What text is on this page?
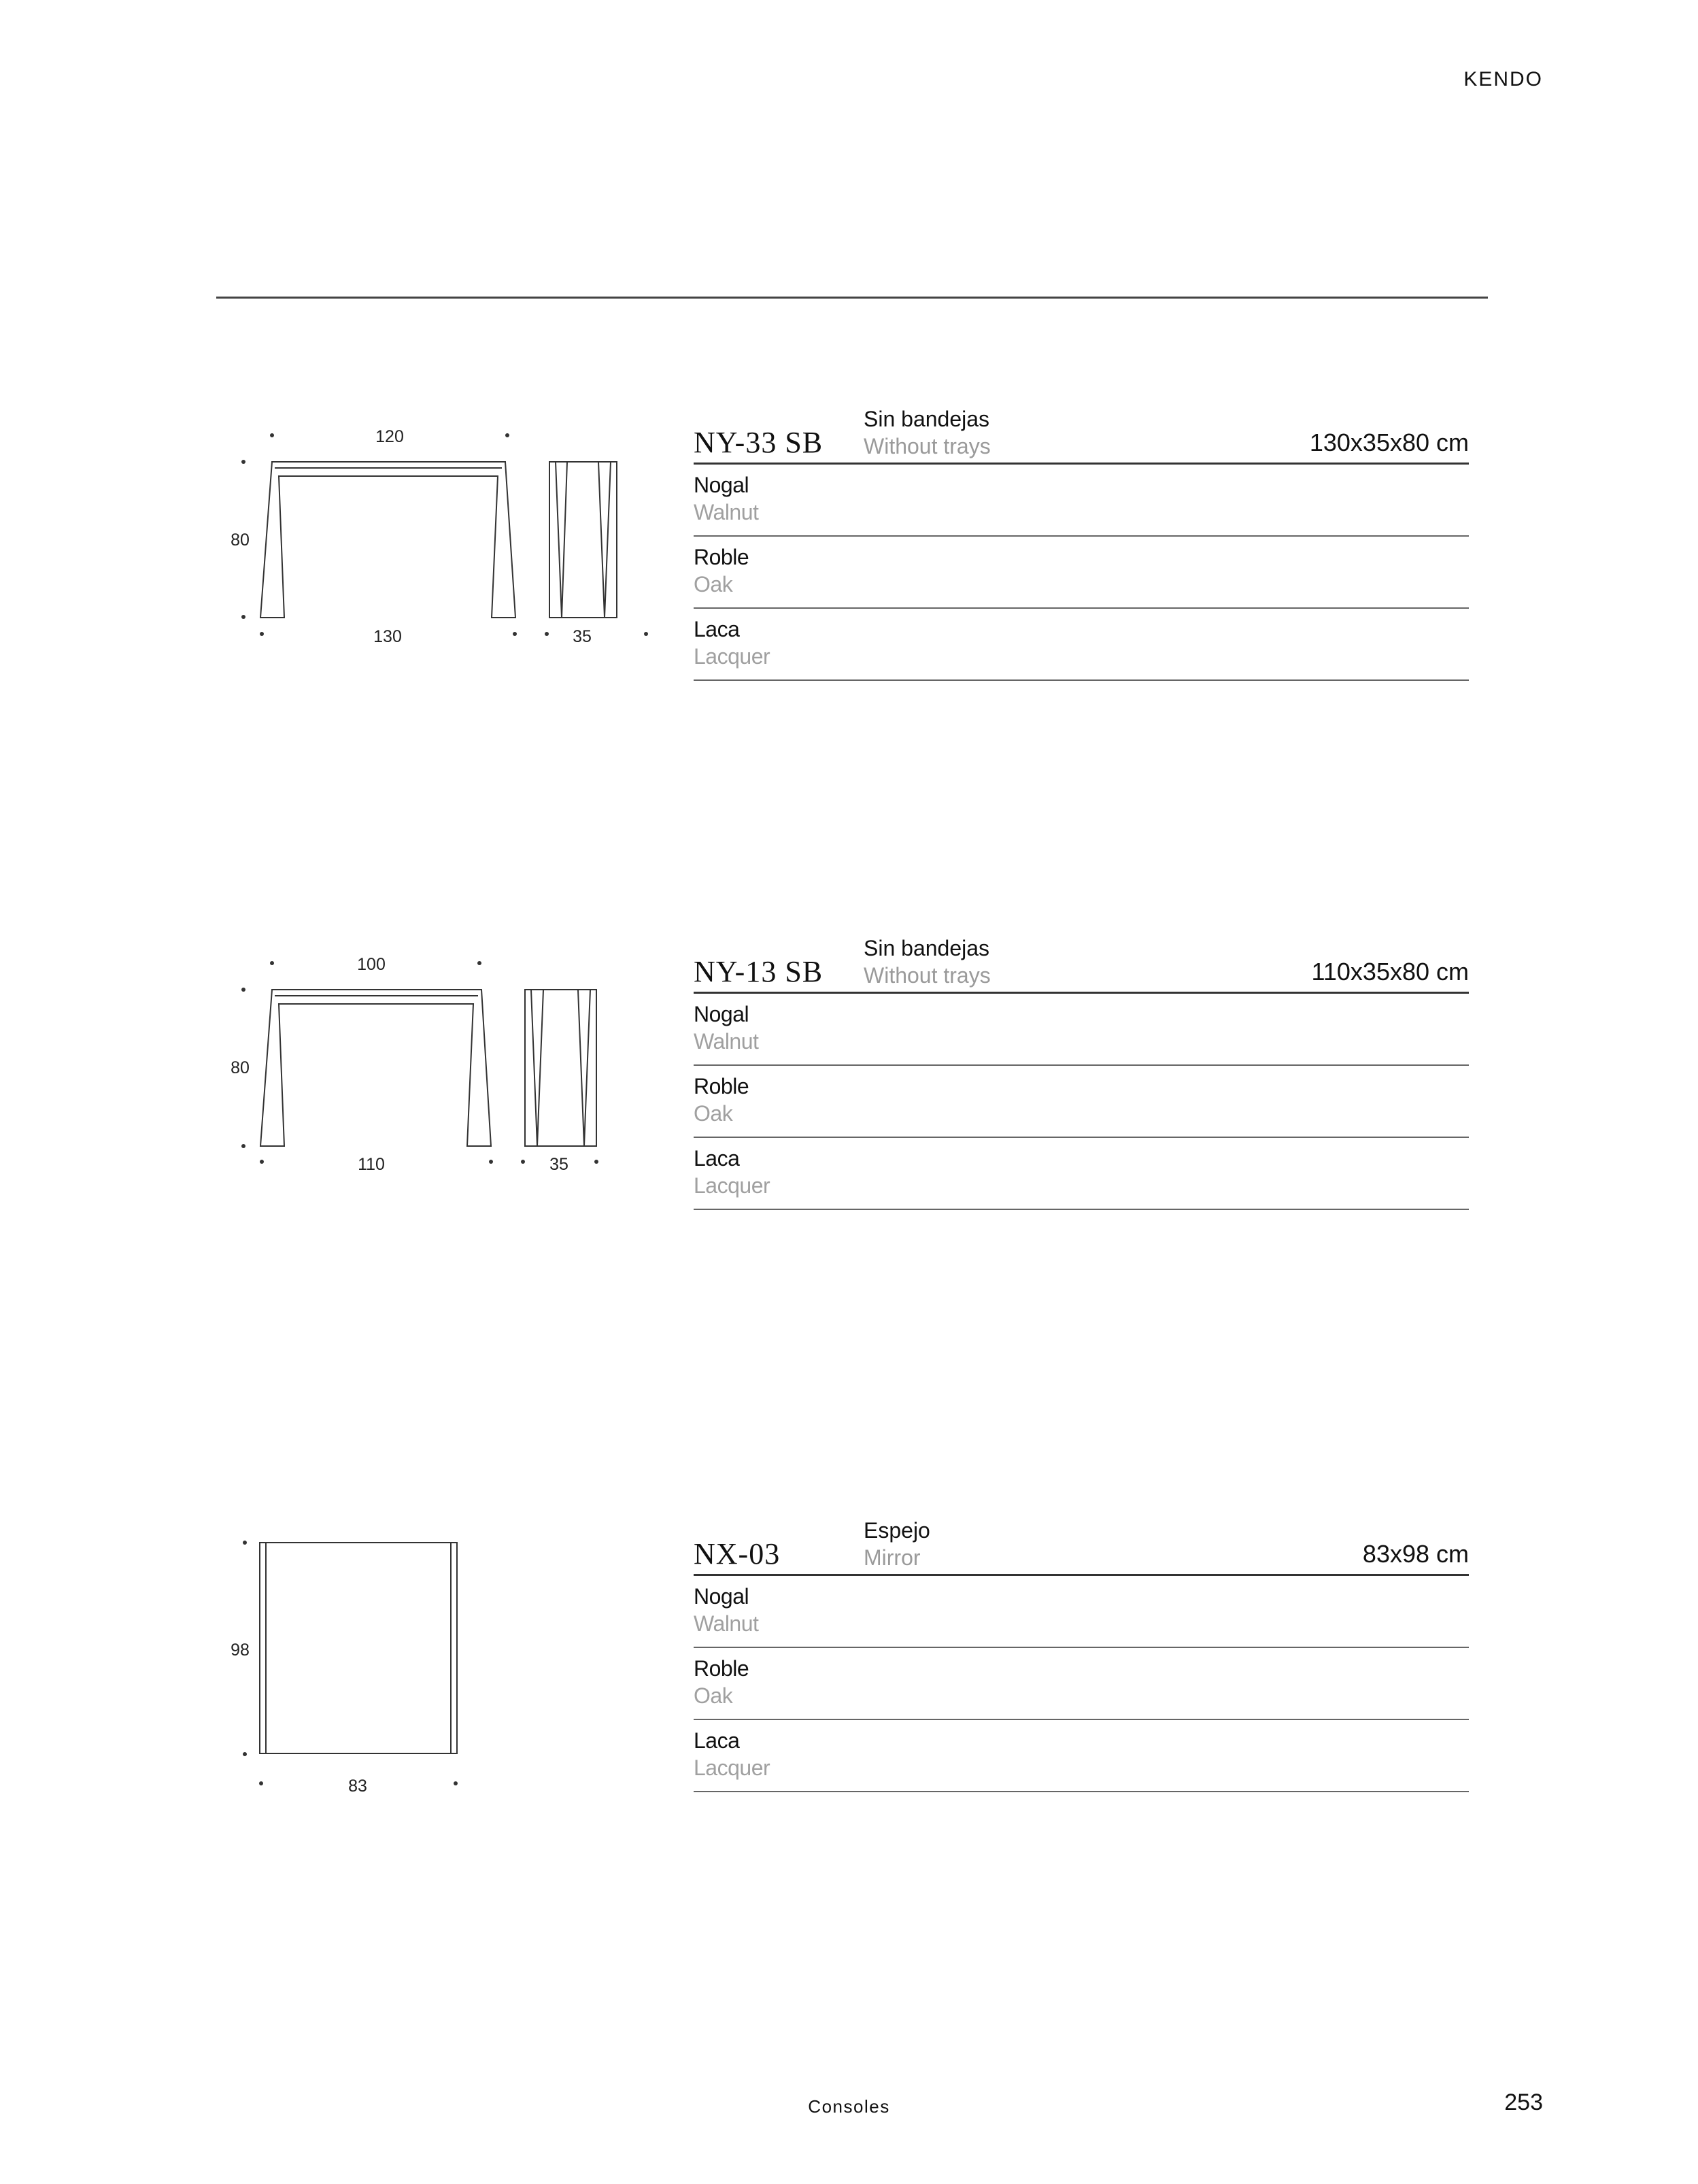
KENDO
120
80
130	35
NY-33 SB
Sin bandejas
Without trays	130x35x80 cm
Nogal
Walnut
Roble
Oak
Laca
Lacquer
100
80
110	35
NY-13 SB
Sin bandejas
Without trays	110x35x80 cm
Nogal
Walnut
Roble
Oak
Laca
Lacquer
98
83
NX-03
Espejo
Mirror	83x98 cm
Nogal
Walnut
Roble
Oak
Laca
Lacquer
Consoles	253
